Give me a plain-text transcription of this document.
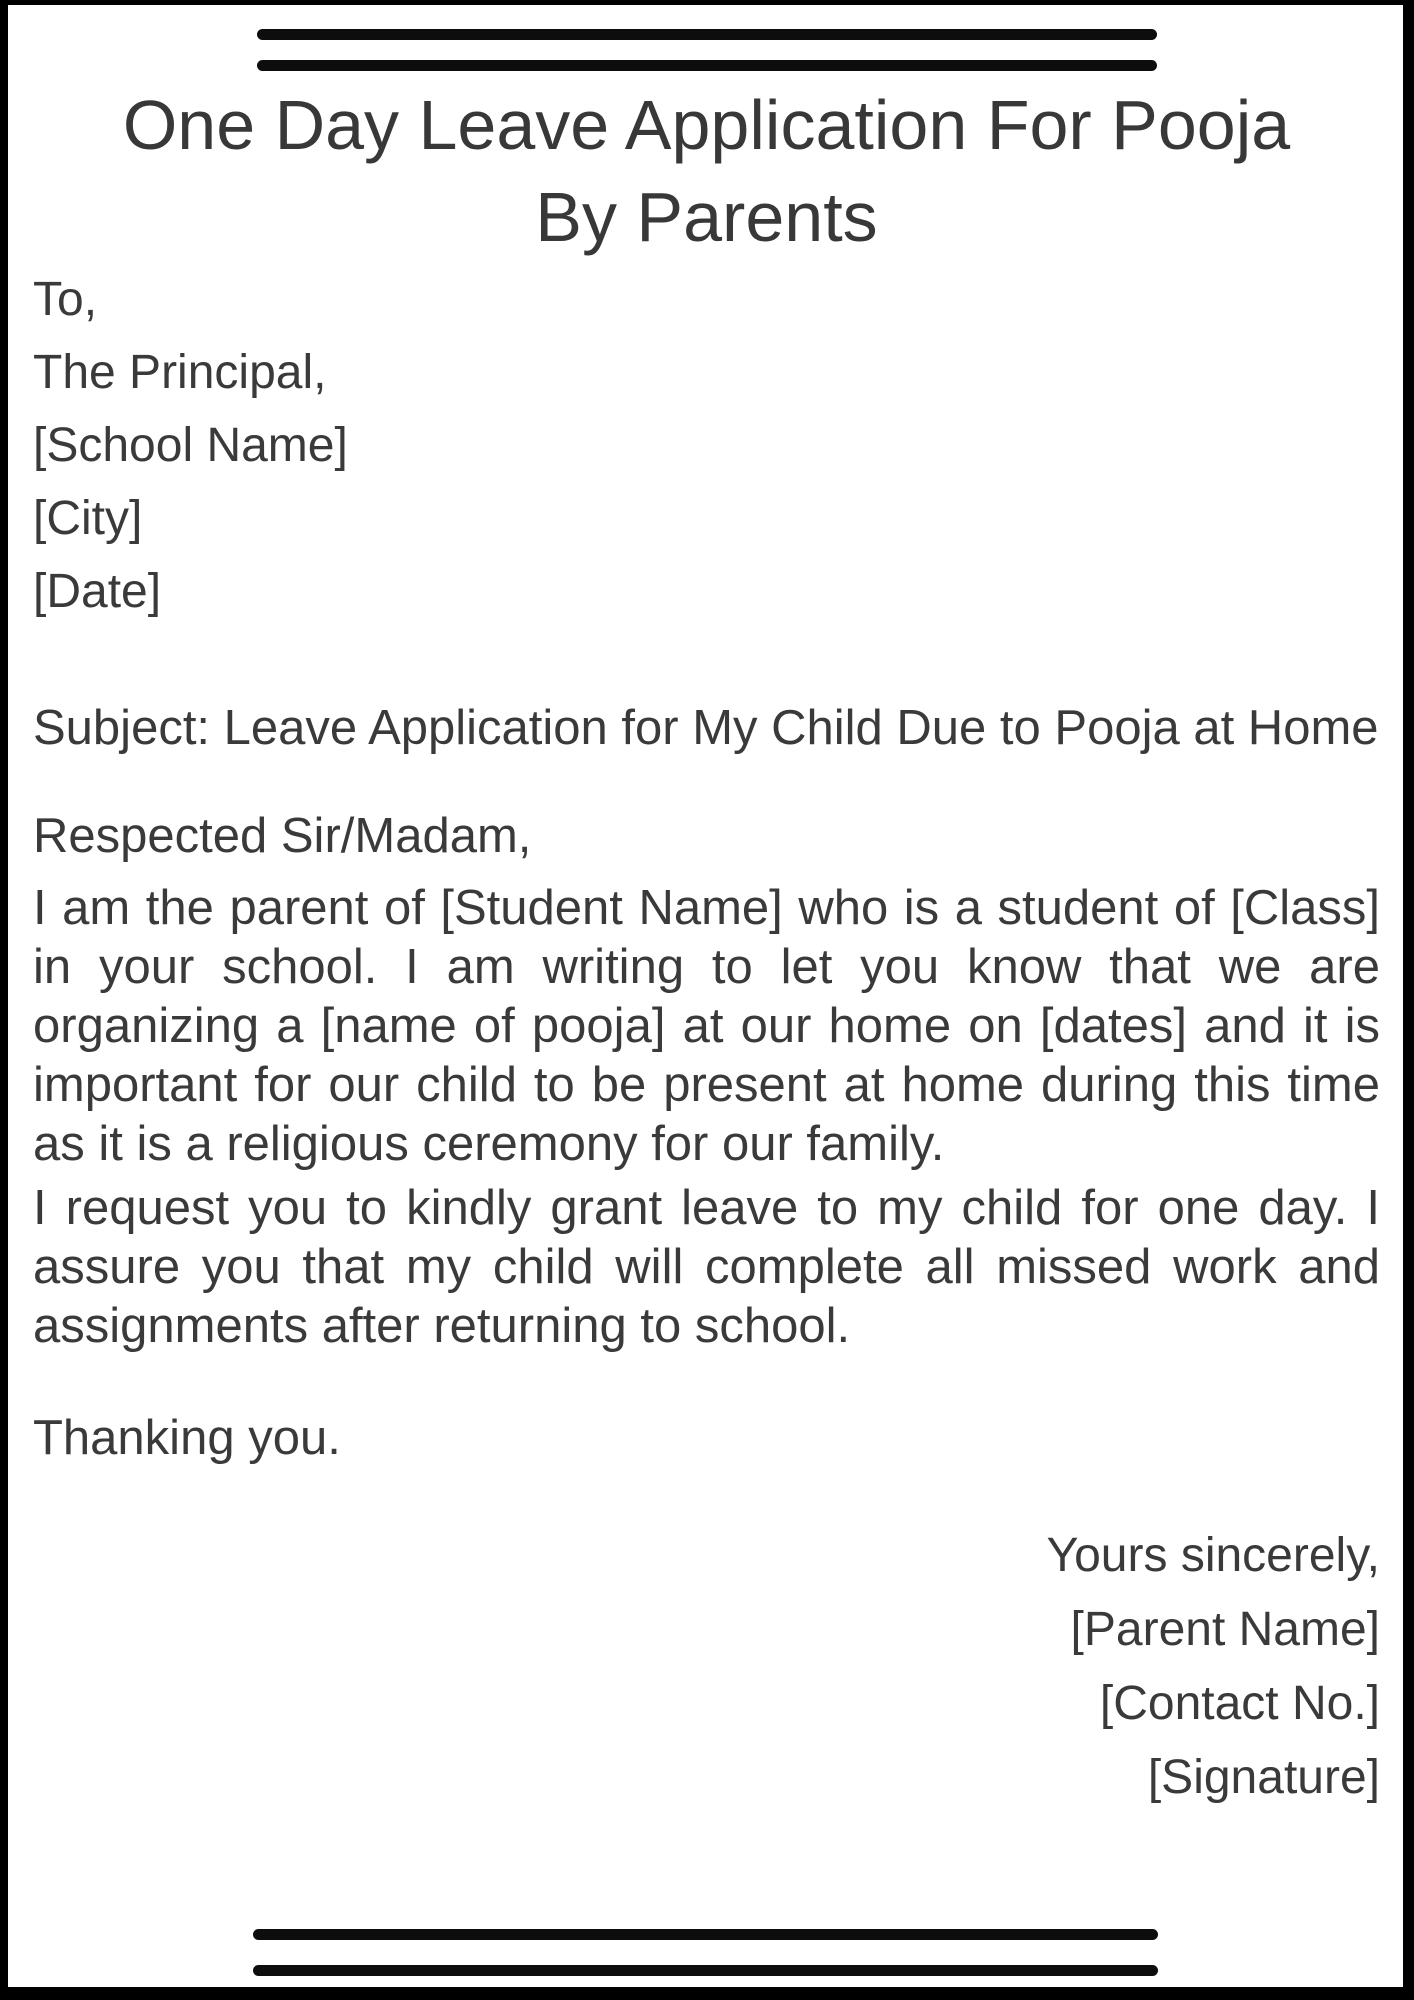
One Day Leave Application For Pooja
By Parents

To,

The Principal,

[School Name]

[City]

[Date]

Subject: Leave Application for My Child Due to Pooja at Home

Respected Sir/Madam,

I am the parent of [Student Name] who is a student of [Class] in your school. I am writing to let you know that we are organizing a [name of pooja] at our home on [dates] and it is important for our child to be present at home during this time as it is a religious ceremony for our family.

I request you to kindly grant leave to my child for one day. I assure you that my child will complete all missed work and assignments after returning to school.

Thanking you.

Yours sincerely,

[Parent Name]

[Contact No.]

[Signature]
